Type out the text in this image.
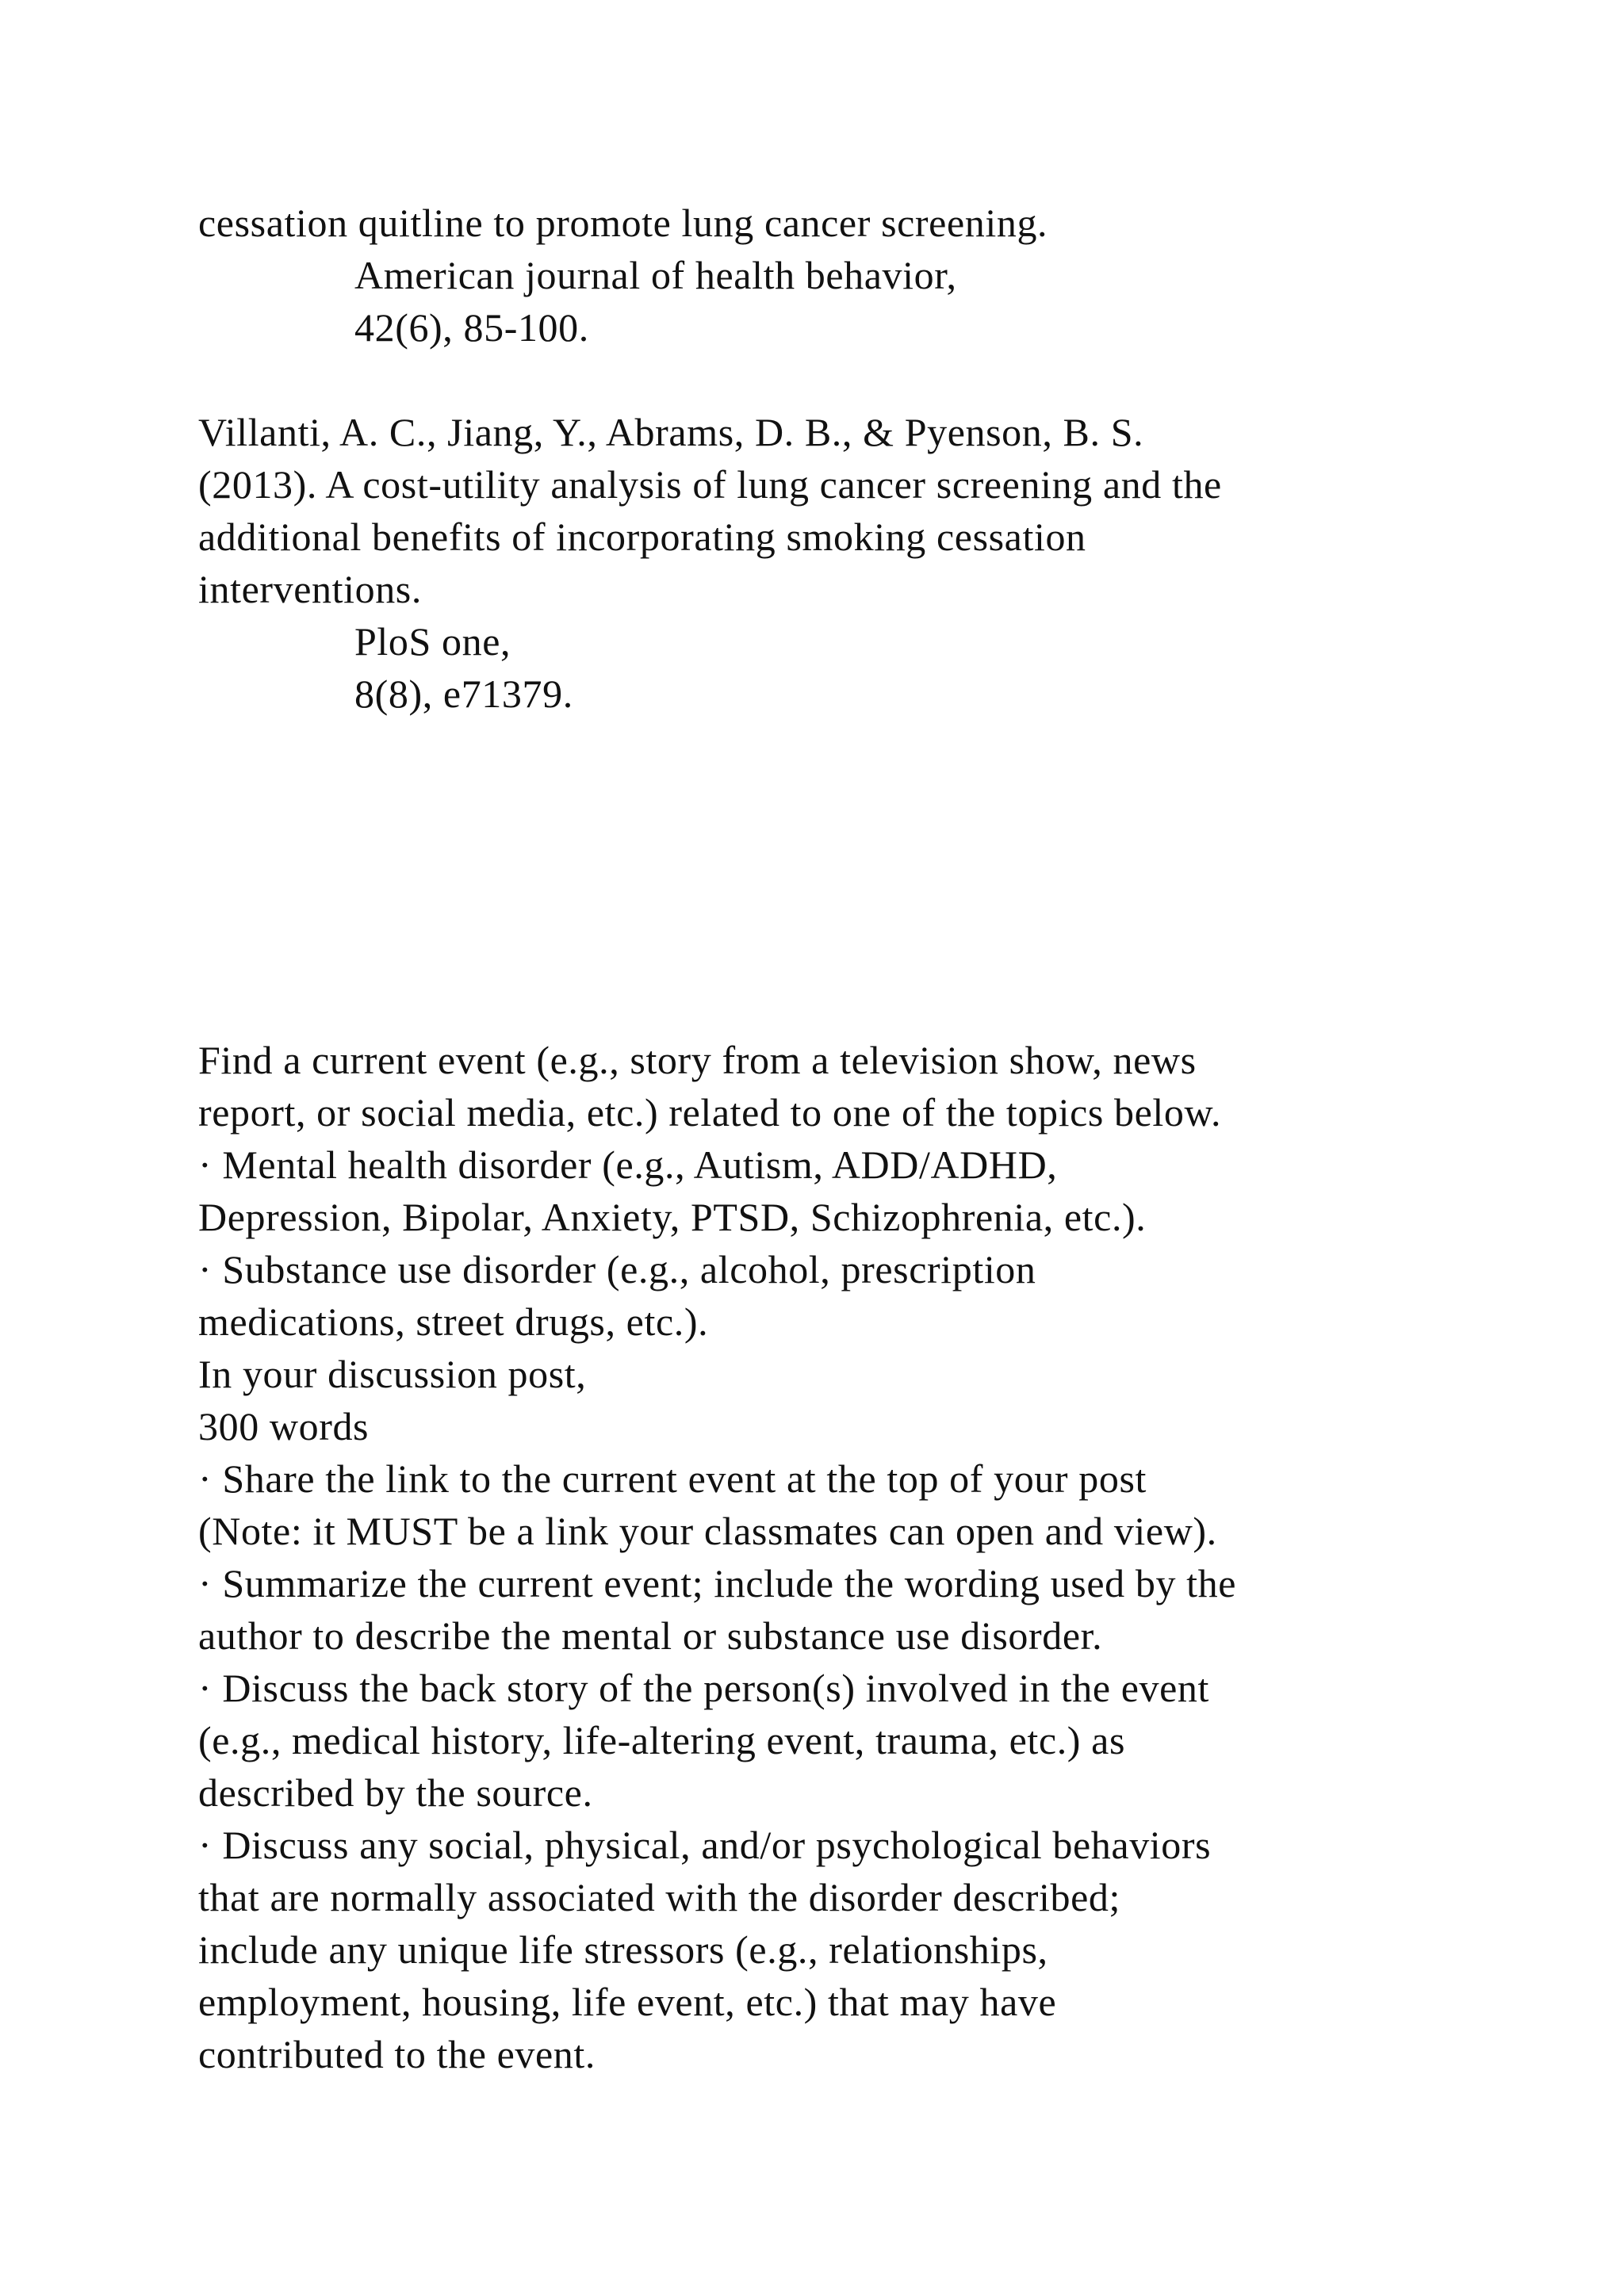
cessation quitline to promote lung cancer screening.
American journal of health behavior,
42(6), 85-100.
Villanti, A. C., Jiang, Y., Abrams, D. B., & Pyenson, B. S.
(2013). A cost-utility analysis of lung cancer screening and the
additional benefits of incorporating smoking cessation
interventions.
PloS one,
8(8), e71379.
Find a current event (e.g., story from a television show, news
report, or social media, etc.) related to one of the topics below.
· Mental health disorder (e.g., Autism, ADD/ADHD,
Depression, Bipolar, Anxiety, PTSD, Schizophrenia, etc.).
· Substance use disorder (e.g., alcohol, prescription
medications, street drugs, etc.).
In your discussion post,
300 words
· Share the link to the current event at the top of your post
(Note: it MUST be a link your classmates can open and view).
· Summarize the current event; include the wording used by the
author to describe the mental or substance use disorder.
· Discuss the back story of the person(s) involved in the event
(e.g., medical history, life-altering event, trauma, etc.) as
described by the source.
· Discuss any social, physical, and/or psychological behaviors
that are normally associated with the disorder described;
include any unique life stressors (e.g., relationships,
employment, housing, life event, etc.) that may have
contributed to the event.
